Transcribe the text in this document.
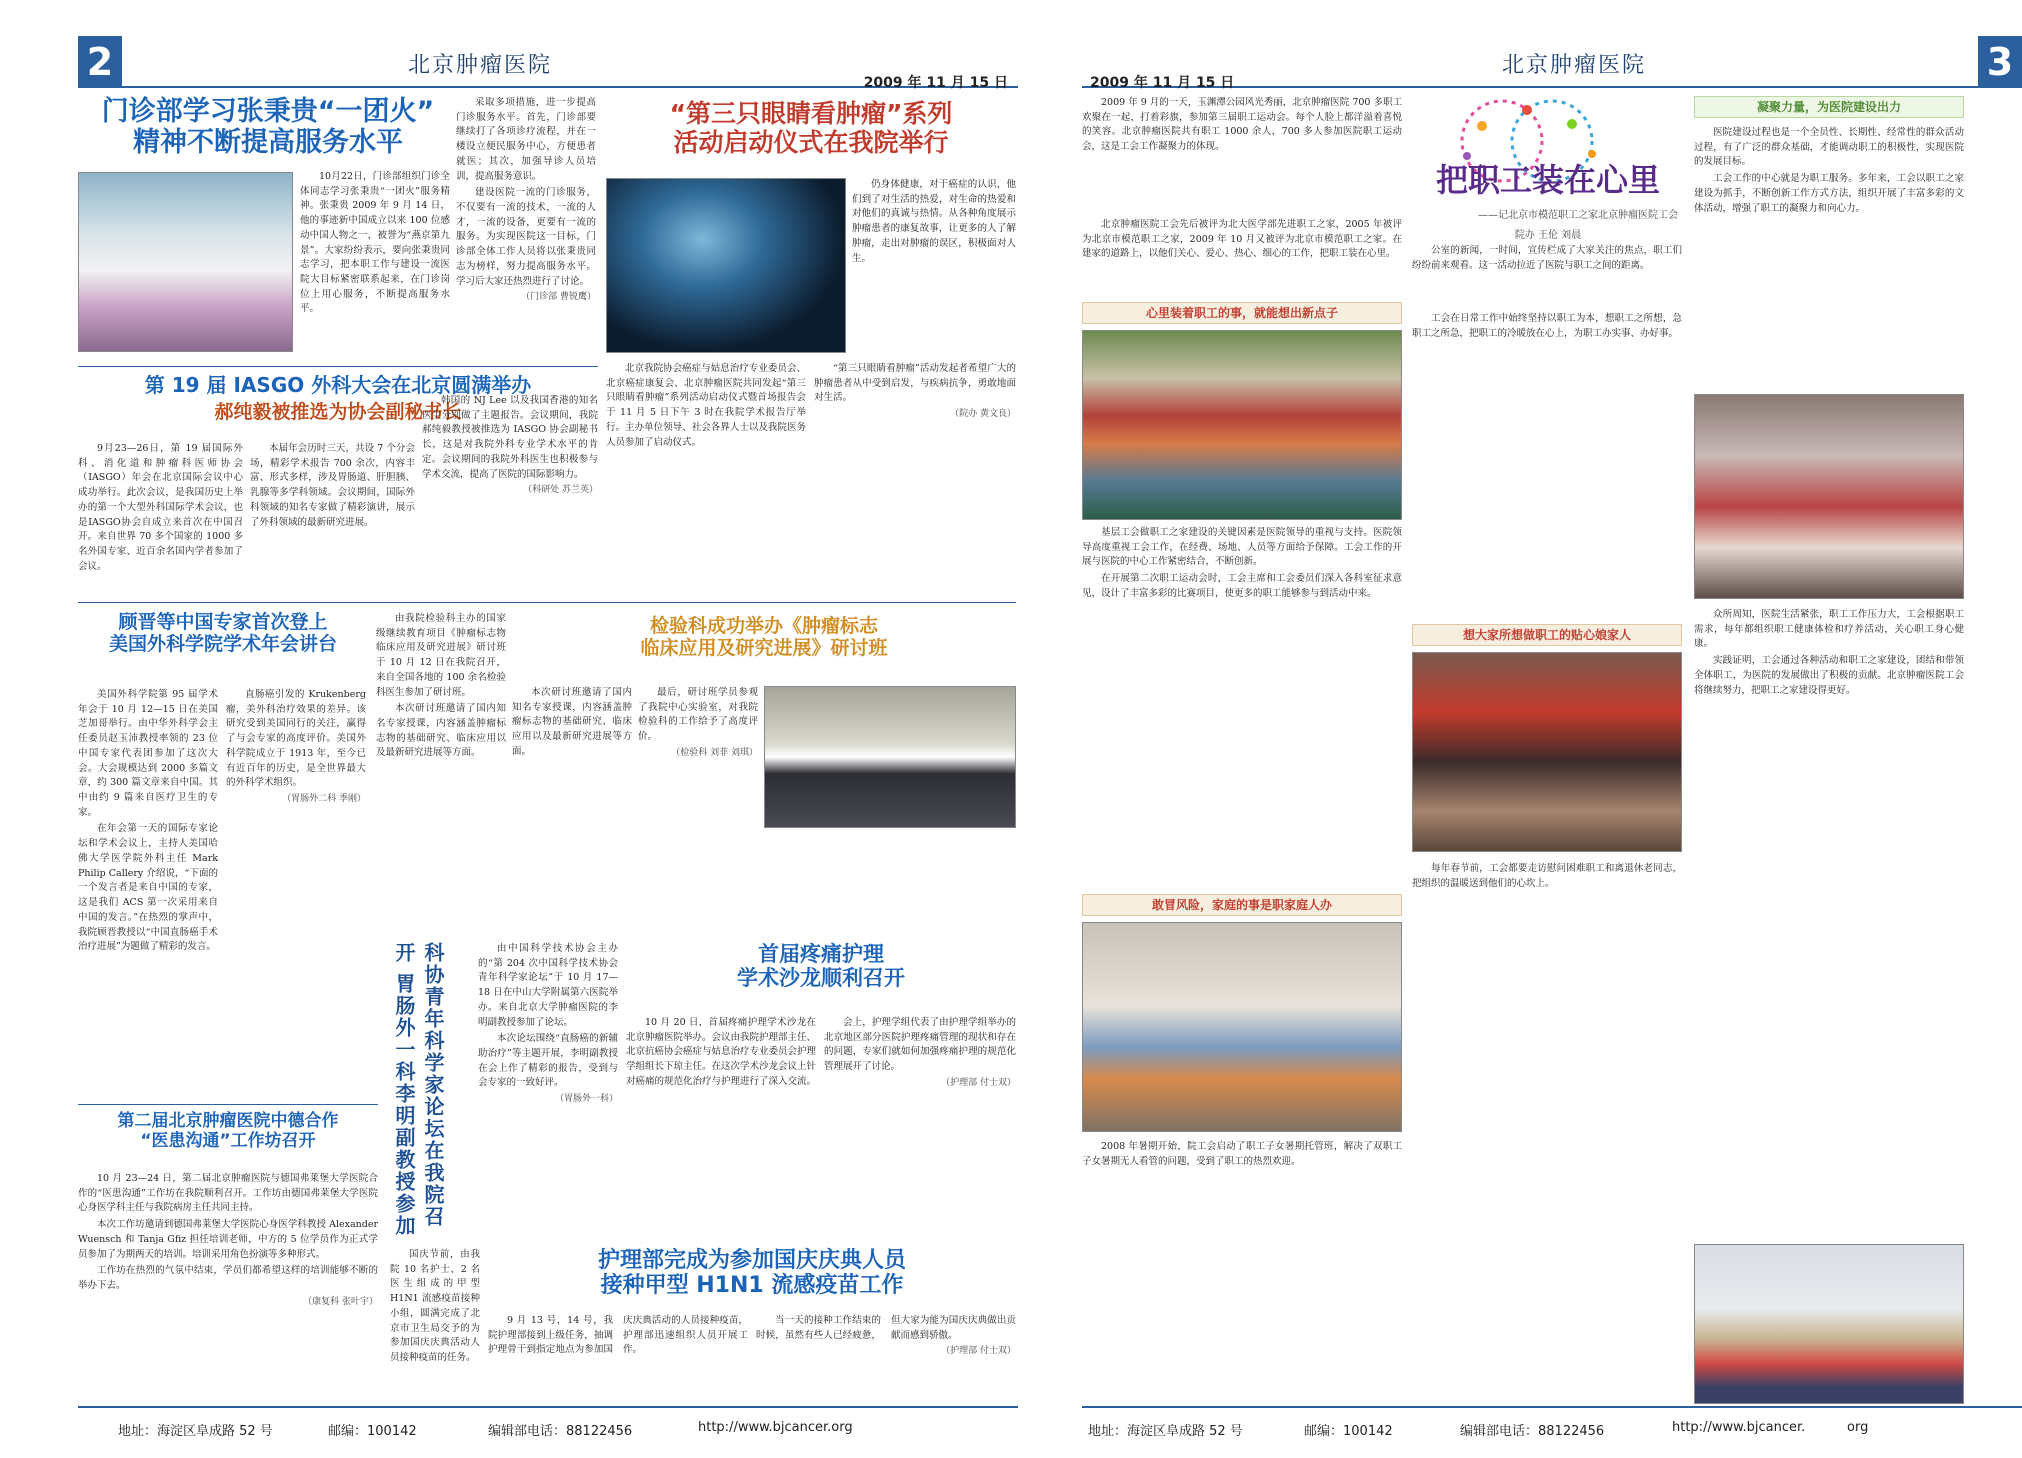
2	北京肿瘤医院
2009 年 11 月 15 日
门诊部学习张秉贵“一团火”
精神不断提高服务水平

10月22日，门诊部组织门诊全体同志学习张秉贵“一团火”服务精神。张秉贵 2009 年 9 月 14 日，他的事迹新中国成立以来 100 位感动中国人物之一，被誉为“燕京第九景”。大家纷纷表示，要向张秉贵同志学习，把本职工作与建设一流医院大目标紧密联系起来，在门诊岗位上用心服务，不断提高服务水平。

采取多项措施，进一步提高门诊服务水平。首先，门诊部要继续打了各项诊疗流程，并在一楼设立便民服务中心，方便患者就医；其次，加强导诊人员培训，提高服务意识。

建设医院一流的门诊服务，不仅要有一流的技术，一流的人才，一流的设备，更要有一流的服务。为实现医院这一目标，门诊部全体工作人员将以张秉贵同志为榜样，努力提高服务水平。学习后大家还热烈进行了讨论。

（门诊部 曹锐鹰）
“第三只眼睛看肿瘤”系列
活动启动仪式在我院举行

仍身体健康，对于癌症的认识，他们到了对生活的热爱，对生命的热爱和对他们的真诚与热情。从各种角度展示肿瘤患者的康复故事，让更多的人了解肿瘤，走出对肿瘤的误区，积极面对人生。

北京我院协会癌症与姑息治疗专业委员会、北京癌症康复会、北京肿瘤医院共同发起“第三只眼睛看肿瘤”系列活动启动仪式暨首场报告会于 11 月 5 日下午 3 时在我院学术报告厅举行。主办单位领导、社会各界人士以及我院医务人员参加了启动仪式。

“第三只眼睛看肿瘤”活动发起者希望广大的肿瘤患者从中受到启发，与疾病抗争，勇敢地面对生活。

（院办 黄文良）
第 19 届 IASGO 外科大会在北京圆满举办
郝纯毅被推选为协会副秘书长

9月23—26日，第 19 届国际外科、消化道和肿瘤科医师协会（IASGO）年会在北京国际会议中心成功举行。此次会议，是我国历史上举办的第一个大型外科国际学术会议，也是IASGO协会自成立来首次在中国召开。来自世界 70 多个国家的 1000 多名外国专家、近百余名国内学者参加了会议。

本届年会历时三天，共设 7 个分会场，精彩学术报告 700 余次，内容丰富、形式多样，涉及胃肠道、肝胆胰、乳腺等多学科领域。会议期间，国际外科领域的知名专家做了精彩演讲，展示了外科领域的最新研究进展。

韩国的 NJ Lee 以及我国香港的知名医生分别做了主题报告。会议期间，我院郝纯毅教授被推选为 IASGO 协会副秘书长，这是对我院外科专业学术水平的肯定。会议期间的我院外科医生也积极参与学术交流，提高了医院的国际影响力。

（科研处 苏兰英）
顾晋等中国专家首次登上
美国外科学院学术年会讲台

美国外科学院第 95 届学术年会于 10 月 12—15 日在美国芝加哥举行。由中华外科学会主任委员赵玉沛教授率领的 23 位中国专家代表团参加了这次大会。大会规模达到 2000 多篇文章，约 300 篇文章来自中国。其中由约 9 篇来自医疗卫生的专家。

在年会第一天的国际专家论坛和学术会议上，主持人美国哈佛大学医学院外科主任 Mark Philip Callery 介绍说，“下面的一个发言者是来自中国的专家，这是我们 ACS 第一次采用来自中国的发言。”在热烈的掌声中，我院顾晋教授以“中国直肠癌手术治疗进展”为题做了精彩的发言。

直肠癌引发的 Krukenberg 瘤，美外科治疗效果的差异。该研究受到美国同行的关注，赢得了与会专家的高度评价。美国外科学院成立于 1913 年，至今已有近百年的历史，是全世界最大的外科学术组织。

（胃肠外二科 季刚）

由我院检验科主办的国家级继续教育项目《肿瘤标志物临床应用及研究进展》研讨班于 10 月 12 日在我院召开，来自全国各地的 100 余名检验科医生参加了研讨班。

本次研讨班邀请了国内知名专家授课，内容涵盖肿瘤标志物的基础研究、临床应用以及最新研究进展等方面。

检验科成功举办《肿瘤标志
临床应用及研究进展》研讨班

本次研讨班邀请了国内知名专家授课，内容涵盖肿瘤标志物的基础研究、临床应用以及最新研究进展等方面。

最后，研讨班学员参观了我院中心实验室，对我院检验科的工作给予了高度评价。

（检验科 刘菲 刘琪）
科协青年科学家论坛在我院召开 胃肠外一科李明副教授参加	由中国科学技术协会主办的“第 204 次中国科学技术协会青年科学家论坛”于 10 月 17—18 日在中山大学附属第六医院举办。来自北京大学肿瘤医院的李明副教授参加了论坛。

本次论坛围绕“直肠癌的新辅助治疗”等主题开展，李明副教授在会上作了精彩的报告，受到与会专家的一致好评。

（胃肠外一科）
首届疼痛护理
学术沙龙顺利召开

10 月 20 日，首届疼痛护理学术沙龙在北京肿瘤医院举办。会议由我院护理部主任、北京抗癌协会癌症与姑息治疗专业委员会护理学组组长下琼主任。在这次学术沙龙会议上针对癌痛的规范化治疗与护理进行了深入交流。

会上，护理学组代表了由护理学组举办的北京地区部分医院护理疼痛管理的现状和存在的问题，专家们就如何加强疼痛护理的规范化管理展开了讨论。

（护理部 付士双）
第二届北京肿瘤医院中德合作
“医患沟通”工作坊召开

10 月 23—24 日，第二届北京肿瘤医院与德国弗莱堡大学医院合作的“医患沟通”工作坊在我院顺利召开。工作坊由德国弗莱堡大学医院心身医学科主任与我院病房主任共同主持。

本次工作坊邀请到德国弗莱堡大学医院心身医学科教授 Alexander Wuensch 和 Tanja Gfiz 担任培训老师，中方的 5 位学员作为正式学员参加了为期两天的培训。培训采用角色扮演等多种形式。

工作坊在热烈的气氛中结束，学员们都希望这样的培训能够不断的举办下去。

（康复科 张叶宇）

国庆节前，由我院 10 名护士、2 名医生组成的甲型 H1N1 流感疫苗接种小组，圆满完成了北京市卫生局交予的为参加国庆庆典活动人员接种疫苗的任务。

护理部完成为参加国庆庆典人员
接种甲型 H1N1 流感疫苗工作

9 月 13 号，14 号，我院护理部接到上级任务，抽调护理骨干到指定地点为参加国庆庆典活动的人员接种疫苗，护理部迅速组织人员开展工作。

当一天的接种工作结束的时候，虽然有些人已经疲惫，但大家为能为国庆庆典做出贡献而感到骄傲。

（护理部 付士双）
地址：海淀区阜成路 52 号	邮编：100142	编辑部电话：88122456	http://www.bjcancer.org
2009 年 11 月 15 日
北京肿瘤医院	3

2009 年 9 月的一天，玉渊潭公园风光秀丽，北京肿瘤医院 700 多职工欢聚在一起，打着彩旗，参加第三届职工运动会。每个人脸上都洋溢着喜悦的笑容。北京肿瘤医院共有职工 1000 余人，700 多人参加医院职工运动会，这是工会工作凝聚力的体现。

北京肿瘤医院工会先后被评为北大医学部先进职工之家，2005 年被评为北京市模范职工之家，2009 年 10 月又被评为北京市模范职工之家。在建家的道路上，以他们关心、爱心、热心、细心的工作，把职工装在心里。

把职工装在心里
——记北京市模范职工之家北京肿瘤医院工会
院办 王伦 刘晨

公室的新闻，一时间，宣传栏成了大家关注的焦点，职工们纷纷前来观看。这一活动拉近了医院与职工之间的距离。

心里装着职工的事，就能想出新点子

基层工会做职工之家建设的关键因素是医院领导的重视与支持。医院领导高度重视工会工作，在经费、场地、人员等方面给予保障。工会工作的开展与医院的中心工作紧密结合，不断创新。

在开展第二次职工运动会时，工会主席和工会委员们深入各科室征求意见，设计了丰富多彩的比赛项目，使更多的职工能够参与到活动中来。

工会在日常工作中始终坚持以职工为本，想职工之所想，急职工之所急，把职工的冷暖放在心上，为职工办实事、办好事。

想大家所想做职工的贴心娘家人

每年春节前，工会都要走访慰问困难职工和离退休老同志，把组织的温暖送到他们的心坎上。

敢冒风险，家庭的事是职家庭人办

2008 年暑期开始，院工会启动了职工子女暑期托管班，解决了双职工子女暑期无人看管的问题，受到了职工的热烈欢迎。

凝聚力量，为医院建设出力

医院建设过程也是一个全员性、长期性、经常性的群众活动过程，有了广泛的群众基础，才能调动职工的积极性，实现医院的发展目标。

工会工作的中心就是为职工服务。多年来，工会以职工之家建设为抓手，不断创新工作方式方法，组织开展了丰富多彩的文体活动，增强了职工的凝聚力和向心力。

众所周知，医院生活紧张，职工工作压力大，工会根据职工需求，每年都组织职工健康体检和疗养活动，关心职工身心健康。

实践证明，工会通过各种活动和职工之家建设，团结和带领全体职工，为医院的发展做出了积极的贡献。北京肿瘤医院工会将继续努力，把职工之家建设得更好。

地址：海淀区阜成路 52 号	邮编：100142	编辑部电话：88122456	http://www.bjcancer.	org
